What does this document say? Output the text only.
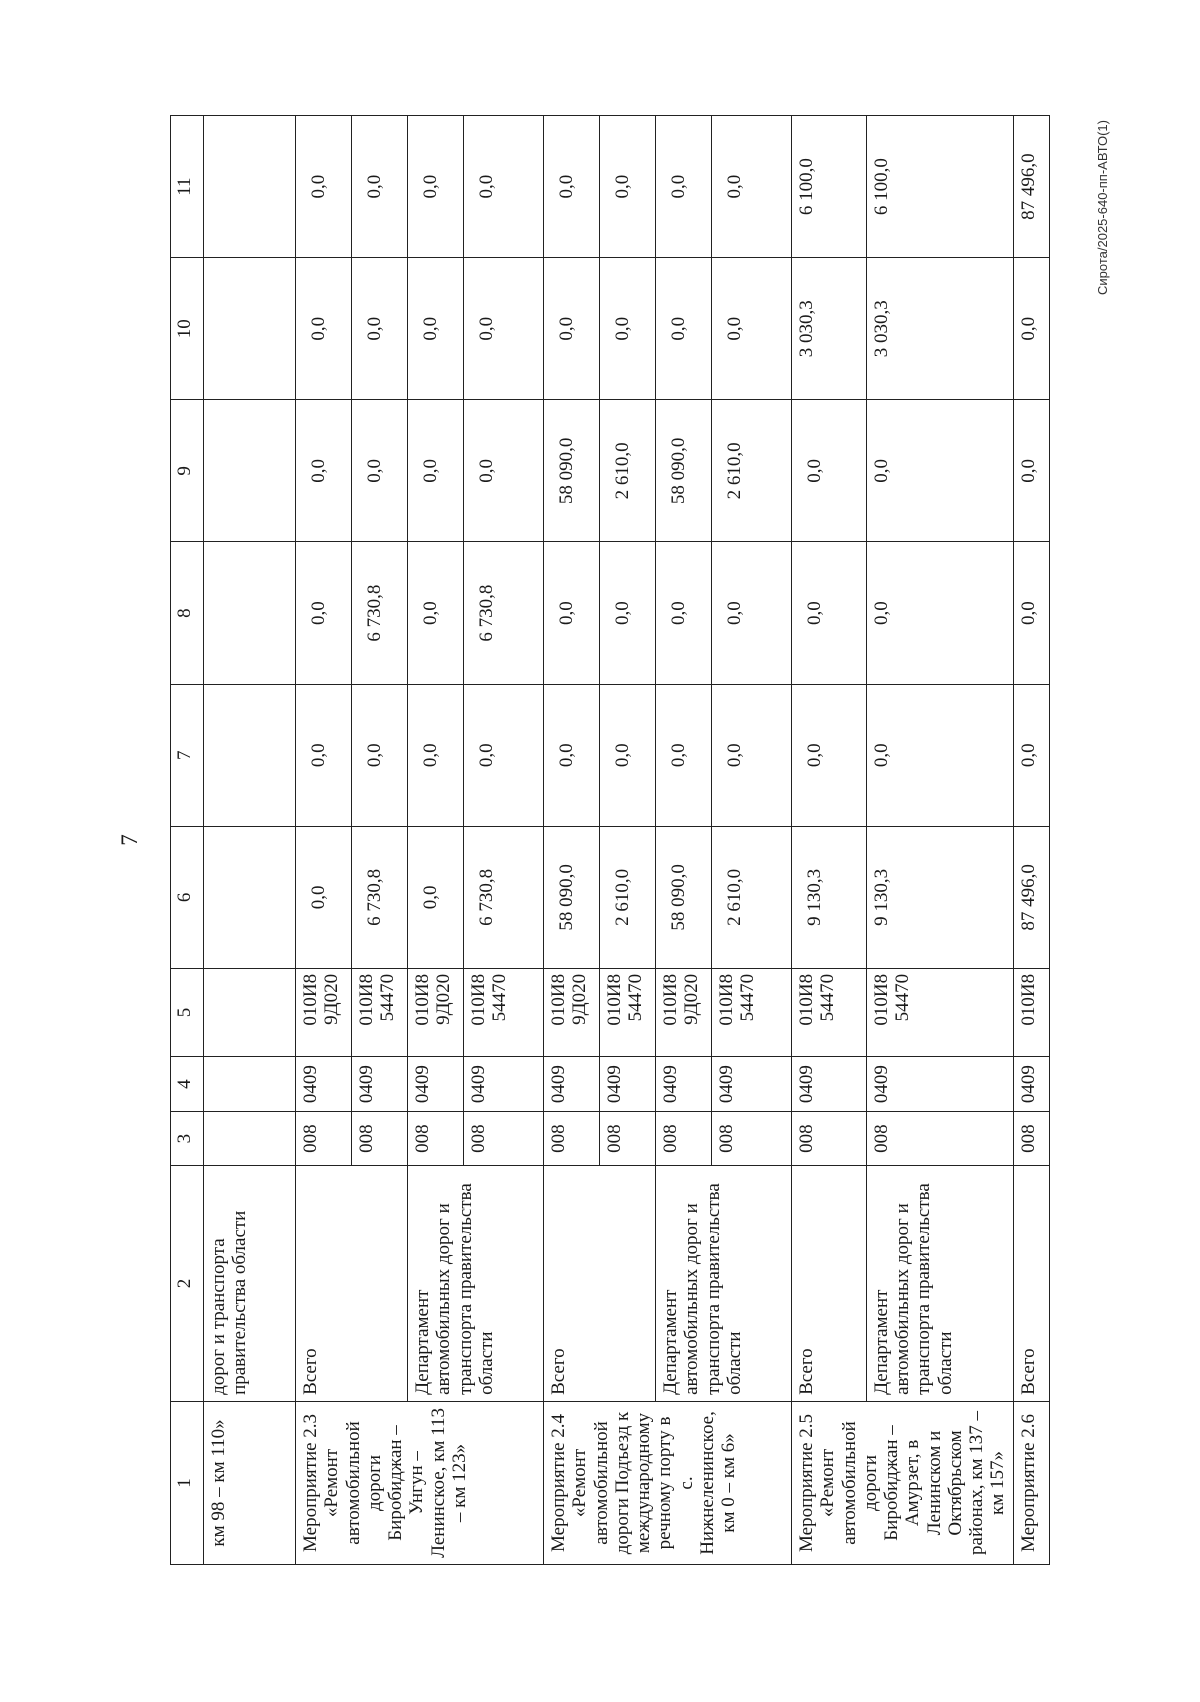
7
1	2	3	4	5	6	7	8	9	10	11
км 98 – км 110»	дорог и транспорта правительства области									
Мероприятие 2.3 «Ремонт автомобильной дороги Биробиджан – Унгун – Ленинское, км 113 – км 123»	Всего	008	0409	010И8 9Д020	0,0	0,0	0,0	0,0	0,0	0,0
		008	0409	010И8 54470	6 730,8	0,0	6 730,8	0,0	0,0	0,0
	Департамент автомобильных дорог и транспорта правительства области	008	0409	010И8 9Д020	0,0	0,0	0,0	0,0	0,0	0,0
		008	0409	010И8 54470	6 730,8	0,0	6 730,8	0,0	0,0	0,0
Мероприятие 2.4 «Ремонт автомобильной дороги Подъезд к международному речному порту в с. Нижнеленинское, км 0 – км 6»	Всего	008	0409	010И8 9Д020	58 090,0	0,0	0,0	58 090,0	0,0	0,0
		008	0409	010И8 54470	2 610,0	0,0	0,0	2 610,0	0,0	0,0
	Департамент автомобильных дорог и транспорта правительства области	008	0409	010И8 9Д020	58 090,0	0,0	0,0	58 090,0	0,0	0,0
		008	0409	010И8 54470	2 610,0	0,0	0,0	2 610,0	0,0	0,0
Мероприятие 2.5 «Ремонт автомобильной дороги Биробиджан – Амурзет, в Ленинском и Октябрьском районах, км 137 – км 157»	Всего	008	0409	010И8 54470	9 130,3	0,0	0,0	0,0	3 030,3	6 100,0
	Департамент автомобильных дорог и транспорта правительства области	008	0409	010И8 54470	9 130,3	0,0	0,0	0,0	3 030,3	6 100,0
Мероприятие 2.6	Всего	008	0409	010И8	87 496,0	0,0	0,0	0,0	0,0	87 496,0	Сирота/2025-640-пп-АВТО(1)
